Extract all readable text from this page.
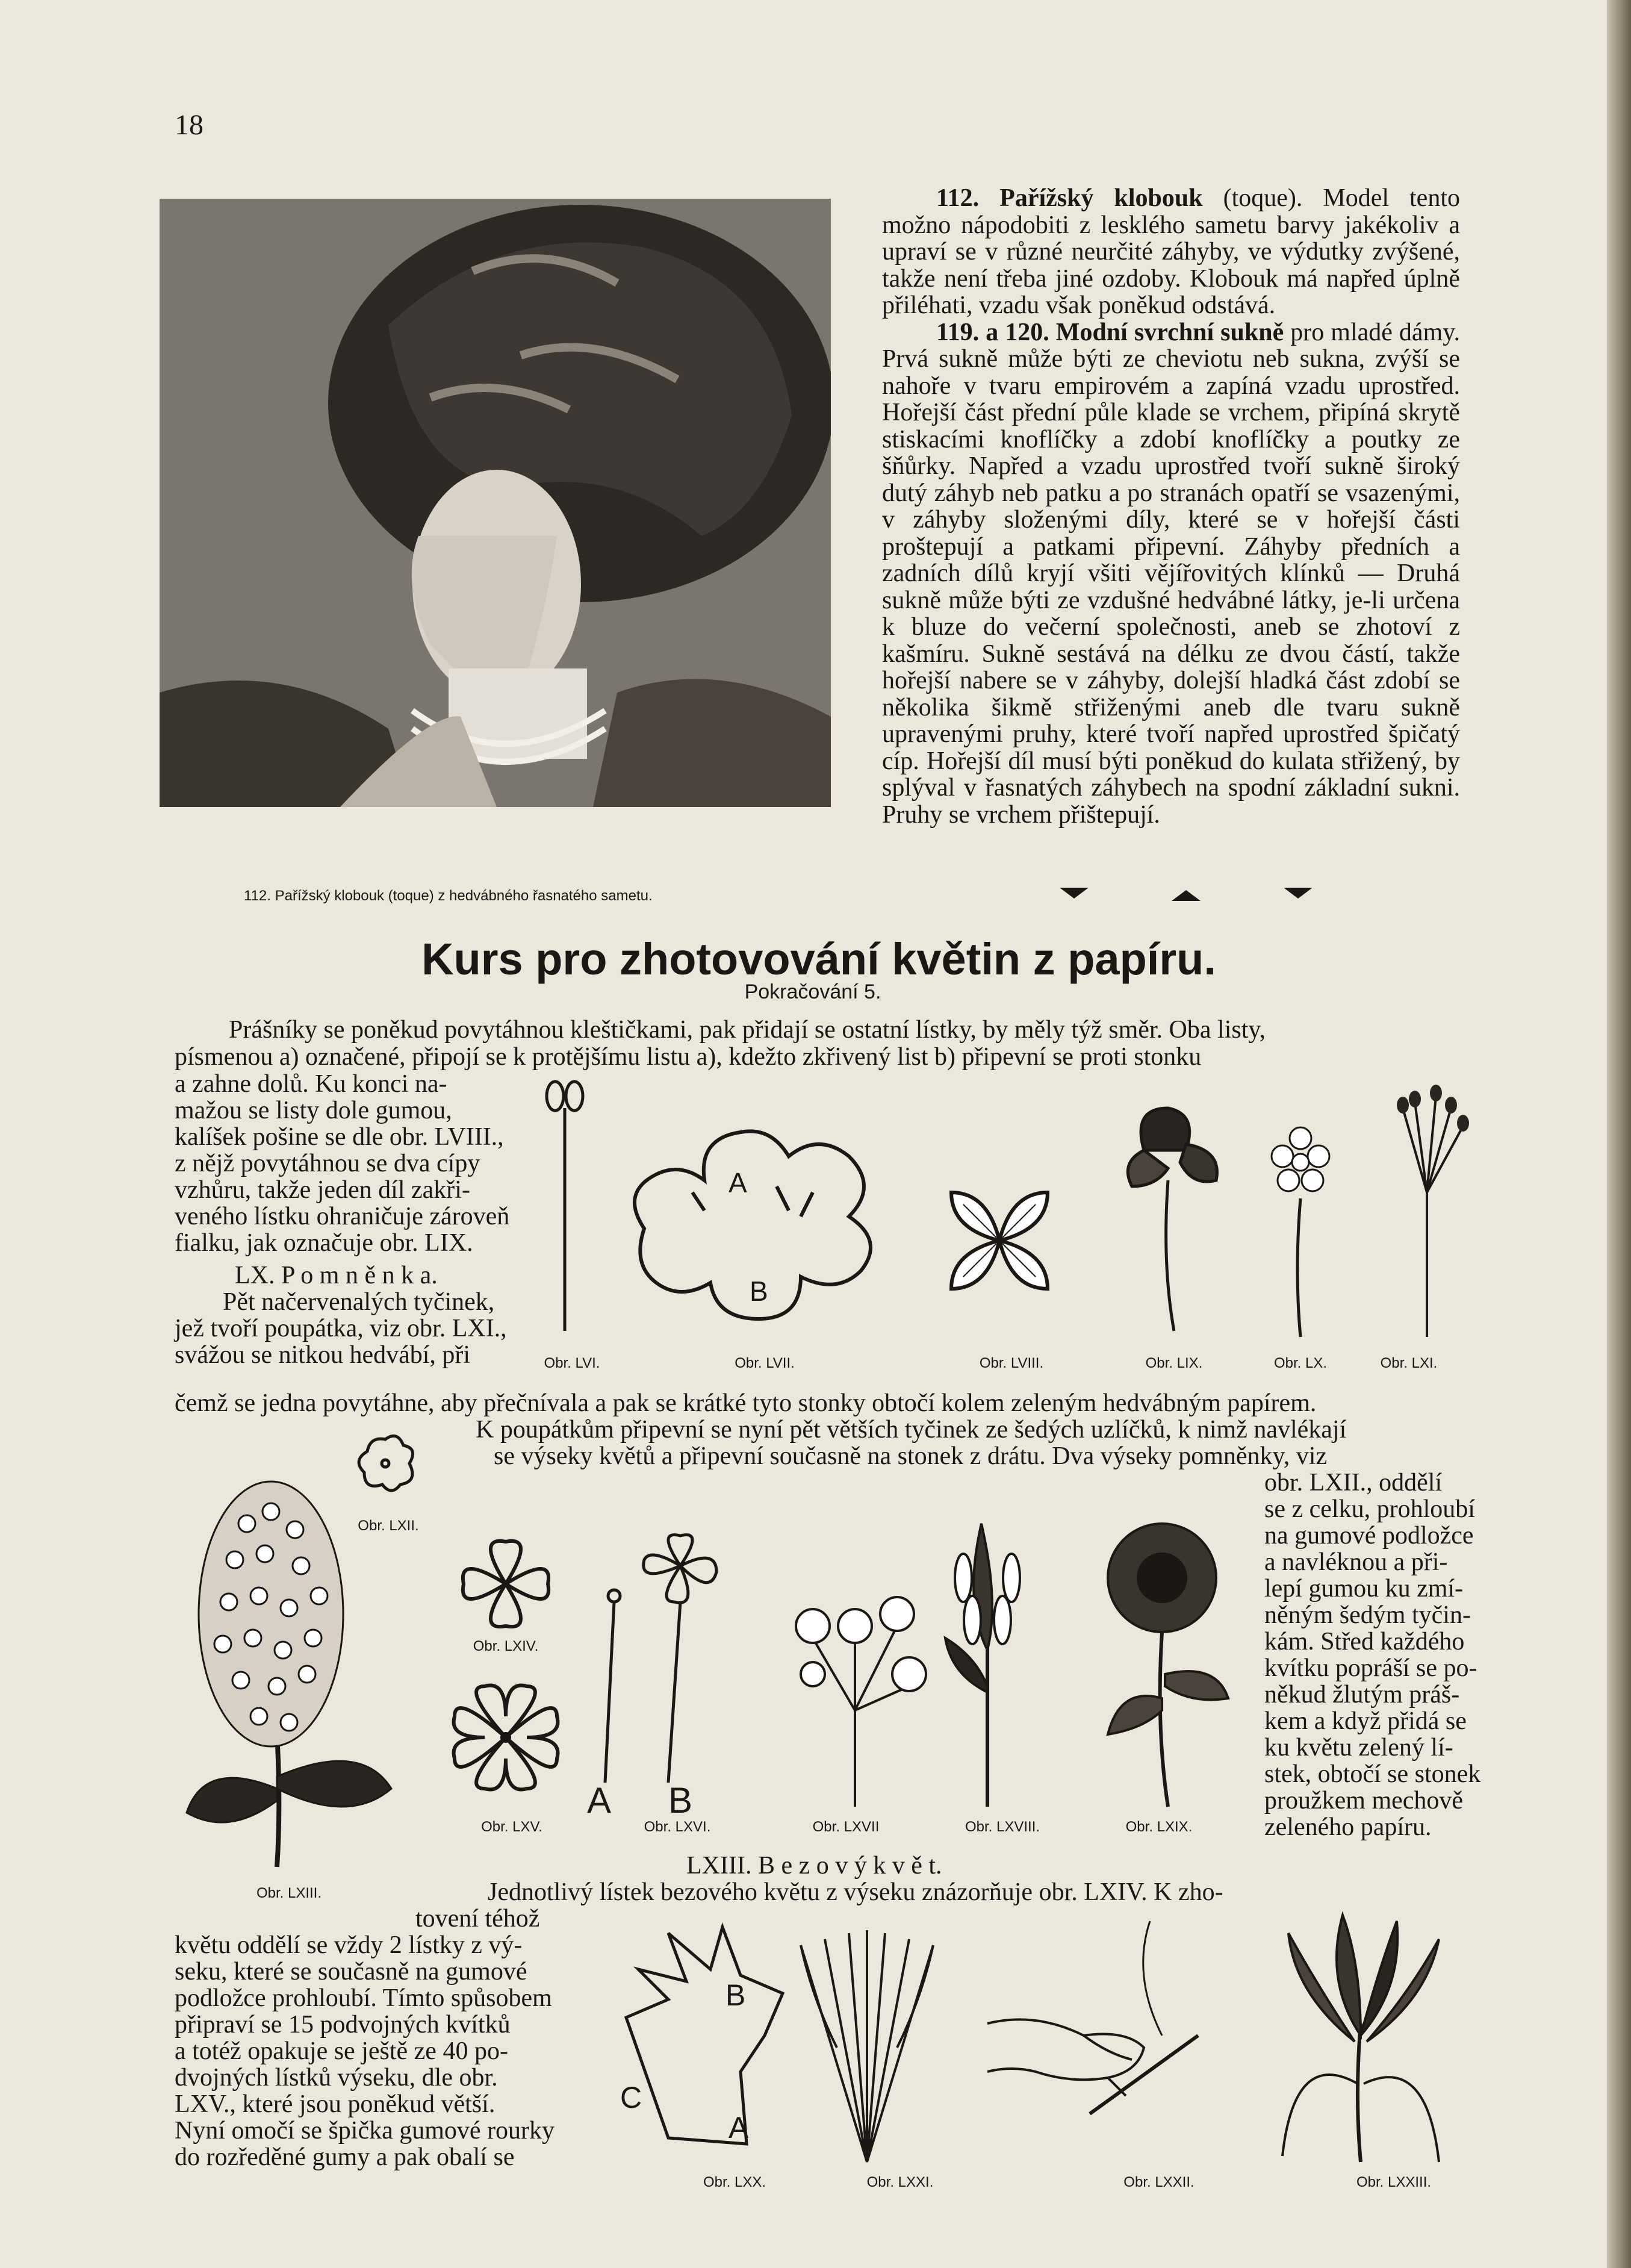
18
112. Pařížský klobouk (toque) z hedvábného řasnatého sametu.

112. Pařížský klobouk (toque). Model tento možno nápodobiti z lesklého sametu barvy jakékoliv a upraví se v různé neurčité záhyby, ve výdutky zvýšené, takže není třeba jiné ozdoby. Klobouk má napřed úplně přiléhati, vzadu však poněkud odstává.

119. a 120. Modní svrchní sukně pro mladé dámy. Prvá sukně může býti ze cheviotu neb sukna, zvýší se nahoře v tvaru empirovém a zapíná vzadu uprostřed. Hořejší část přední půle klade se vrchem, připíná skrytě stiskacími knoflíčky a zdobí knoflíčky a poutky ze šňůrky. Napřed a vzadu uprostřed tvoří sukně široký dutý záhyb neb patku a po stranách opatří se vsazenými, v záhyby složenými díly, které se v hořejší části proštepují a patkami připevní. Záhyby předních a zadních dílů kryjí všiti vějířovitých klínků — Druhá sukně může býti ze vzdušné hedvábné látky, je-li určena k bluze do večerní společnosti, aneb se zhotoví z kašmíru. Sukně sestává na délku ze dvou částí, takže hořejší nabere se v záhyby, dolejší hladká část zdobí se několika šikmě střiženými aneb dle tvaru sukně upravenými pruhy, které tvoří napřed uprostřed špičatý cíp. Hořejší díl musí býti poněkud do kulata střižený, by splýval v řasnatých záhybech na spodní základní sukni. Pruhy se vrchem přištepují.

Kurs pro zhotovování květin z papíru.
Pokračování 5.
Prášníky se poněkud povytáhnou kleštičkami, pak přidají se ostatní lístky, by měly týž směr. Oba listy,
písmenou a) označené, připojí se k protějšímu listu a), kdežto zkřivený list b) připevní se proti stonku
a zahne dolů. Ku konci na-
mažou se listy dole gumou,
kalíšek pošine se dle obr. LVIII.,
z nějž povytáhnou se dva cípy
vzhůru, takže jeden díl zakři-
veného lístku ohraničuje zároveň
fialku, jak označuje obr. LIX.
LX. P o m n ě n k a.
Pět načervenalých tyčinek,
jež tvoří poupátka, viz obr. LXI.,
svážou se nitkou hedvábí, při
čemž se jedna povytáhne, aby přečnívala a pak se krátké tyto stonky obtočí kolem zeleným hedvábným papírem.
K poupátkům připevní se nyní pět větších tyčinek ze šedých uzlíčků, k nimž navlékají
se výseky květů a připevní současně na stonek z drátu. Dva výseky pomněnky, viz
obr. LXII., oddělí
se z celku, prohloubí
na gumové podložce
a navléknou a při-
lepí gumou ku zmí-
něným šedým tyčin-
kám. Střed každého
kvítku popráší se po-
někud žlutým práš-
kem a když přidá se
ku květu zelený lí-
stek, obtočí se stonek
proužkem mechově
zeleného papíru.
LXIII. B e z o v ý k v ě t.
Jednotlivý lístek bezového květu z výseku znázorňuje obr. LXIV. K zho-
tovení téhož
květu oddělí se vždy 2 lístky z vý-
seku, které se současně na gumové
podložce prohloubí. Tímto spůsobem
připraví se 15 podvojných kvítků
a totéž opakuje se ještě ze 40 po-
dvojných lístků výseku, dle obr.
LXV., které jsou poněkud větší.
Nyní omočí se špička gumové rourky
do rozředěné gumy a pak obalí se
A
B
Obr. LVI.	Obr. LVII.	Obr. LVIII.	Obr. LIX.	Obr. LX.	Obr. LXI.
Obr. LXII.
Obr. LXIII.
Obr. LXIV.
Obr. LXV.
A B
Obr. LXVI.	Obr. LXVII	Obr. LXVIII.	Obr. LXIX.
C
A
B
Obr. LXX.	Obr. LXXI.	Obr. LXXII.	Obr. LXXIII.
